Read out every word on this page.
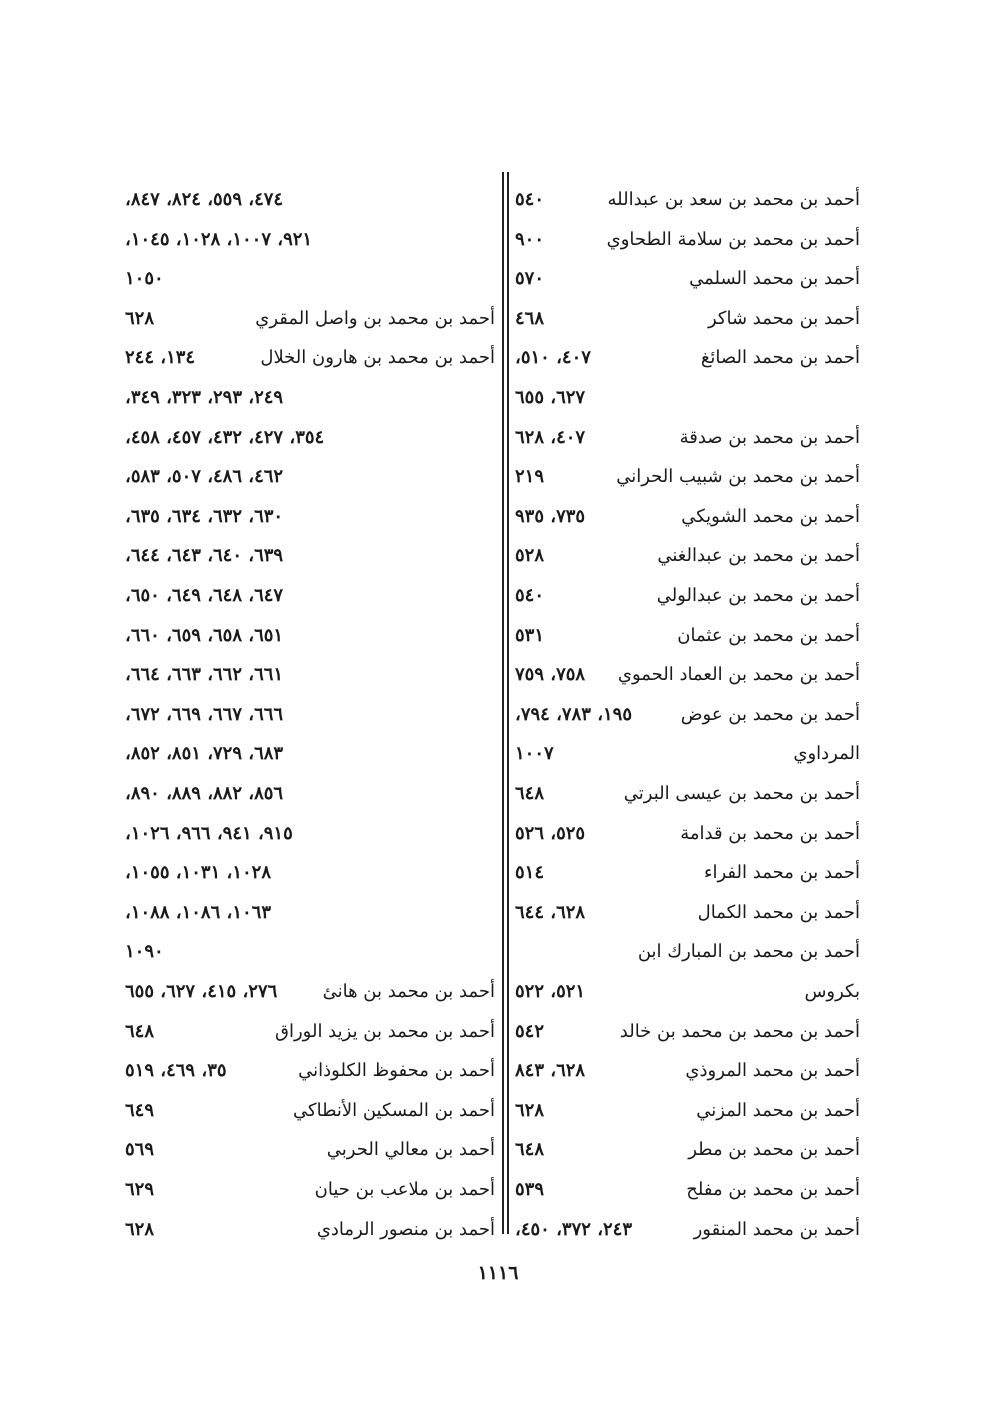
أحمد بن محمد بن سعد بن عبدالله
٥٤٠
أحمد بن محمد بن سلامة الطحاوي
٩٠٠
أحمد بن محمد السلمي
٥٧٠
أحمد بن محمد شاكر
٤٦٨
أحمد بن محمد الصائغ
٤٠٧، ٥١٠،
٦٢٧، ٦٥٥
أحمد بن محمد بن صدقة
٤٠٧، ٦٢٨
أحمد بن محمد بن شبيب الحراني
٢١٩
أحمد بن محمد الشويكي
٧٣٥، ٩٣٥
أحمد بن محمد بن عبدالغني
٥٢٨
أحمد بن محمد بن عبدالولي
٥٤٠
أحمد بن محمد بن عثمان
٥٣١
أحمد بن محمد بن العماد الحموي
٧٥٨، ٧٥٩
أحمد بن محمد بن عوض
١٩٥، ٧٨٣، ٧٩٤،
المرداوي
١٠٠٧
أحمد بن محمد بن عيسى البرتي
٦٤٨
أحمد بن محمد بن قدامة
٥٢٥، ٥٢٦
أحمد بن محمد الفراء
٥١٤
أحمد بن محمد الكمال
٦٢٨، ٦٤٤
أحمد بن محمد بن المبارك ابن
بكروس
٥٢١، ٥٢٢
أحمد بن محمد بن محمد بن خالد
٥٤٢
أحمد بن محمد المروذي
٦٢٨، ٨٤٣
أحمد بن محمد المزني
٦٢٨
أحمد بن محمد بن مطر
٦٤٨
أحمد بن محمد بن مفلح
٥٣٩
أحمد بن محمد المنقور
٢٤٣، ٣٧٢، ٤٥٠،
٤٧٤، ٥٥٩، ٨٢٤، ٨٤٧،
٩٢١، ١٠٠٧، ١٠٢٨، ١٠٤٥،
١٠٥٠
أحمد بن محمد بن واصل المقري
٦٢٨
أحمد بن محمد بن هارون الخلال
١٣٤، ٢٤٤
٢٤٩، ٢٩٣، ٣٢٣، ٣٤٩،
٣٥٤، ٤٢٧، ٤٣٢، ٤٥٧، ٤٥٨،
٤٦٢، ٤٨٦، ٥٠٧، ٥٨٣،
٦٣٠، ٦٣٢، ٦٣٤، ٦٣٥،
٦٣٩، ٦٤٠، ٦٤٣، ٦٤٤،
٦٤٧، ٦٤٨، ٦٤٩، ٦٥٠،
٦٥١، ٦٥٨، ٦٥٩، ٦٦٠،
٦٦١، ٦٦٢، ٦٦٣، ٦٦٤،
٦٦٦، ٦٦٧، ٦٦٩، ٦٧٢،
٦٨٣، ٧٢٩، ٨٥١، ٨٥٢،
٨٥٦، ٨٨٢، ٨٨٩، ٨٩٠،
٩١٥، ٩٤١، ٩٦٦، ١٠٢٦،
١٠٢٨، ١٠٣١، ١٠٥٥،
١٠٦٣، ١٠٨٦، ١٠٨٨،
١٠٩٠
أحمد بن محمد بن هانئ
٢٧٦، ٤١٥، ٦٢٧، ٦٥٥
أحمد بن محمد بن يزيد الوراق
٦٤٨
أحمد بن محفوظ الكلوذاني
٣٥، ٤٦٩، ٥١٩
أحمد بن المسكين الأنطاكي
٦٤٩
أحمد بن معالي الحربي
٥٦٩
أحمد بن ملاعب بن حيان
٦٢٩
أحمد بن منصور الرمادي
٦٢٨
١١١٦
